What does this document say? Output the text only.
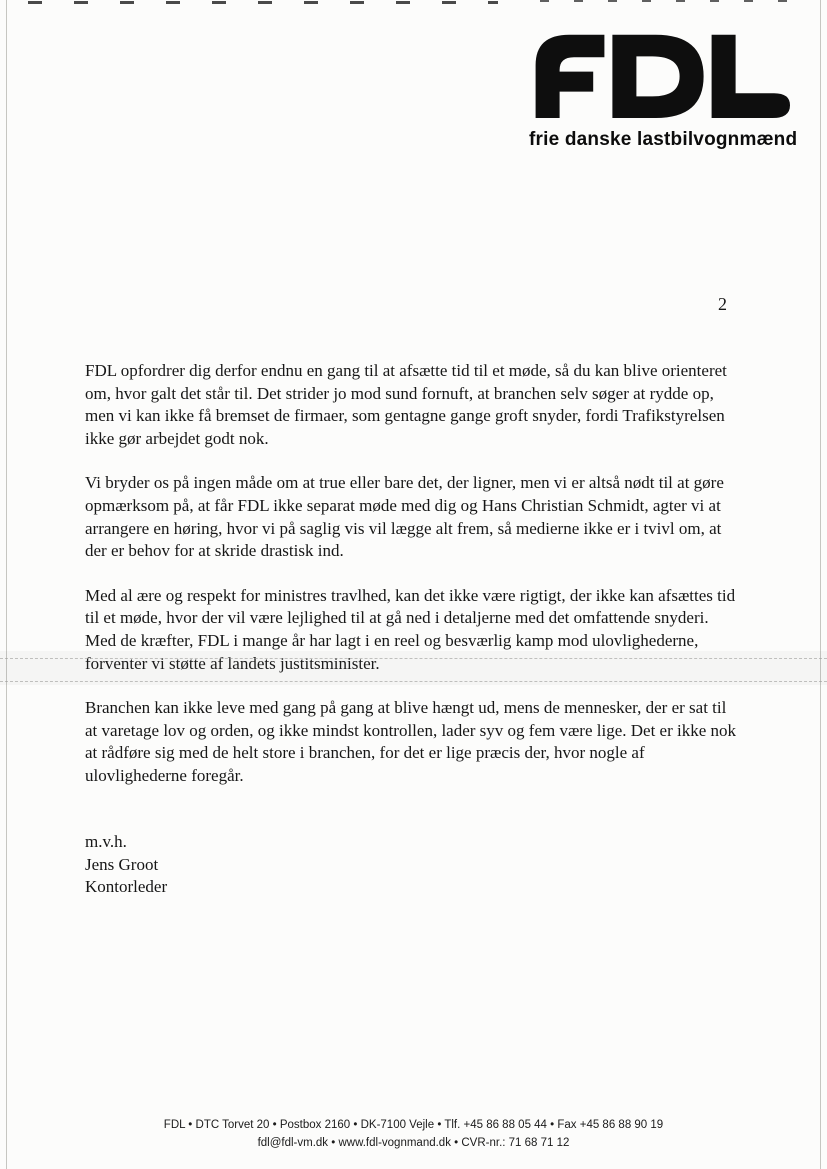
frie danske lastbilvognmænd
2

FDL opfordrer dig derfor endnu en gang til at afsætte tid til et møde, så du kan blive orienteret om, hvor galt det står til. Det strider jo mod sund fornuft, at branchen selv søger at rydde op, men vi kan ikke få bremset de firmaer, som gentagne gange groft snyder, fordi Trafikstyrelsen ikke gør arbejdet godt nok.

Vi bryder os på ingen måde om at true eller bare det, der ligner, men vi er altså nødt til at gøre opmærksom på, at får FDL ikke separat møde med dig og Hans Christian Schmidt, agter vi at arrangere en høring, hvor vi på saglig vis vil lægge alt frem, så medierne ikke er i tvivl om, at der er behov for at skride drastisk ind.

Med al ære og respekt for ministres travlhed, kan det ikke være rigtigt, der ikke kan afsættes tid til et møde, hvor der vil være lejlighed til at gå ned i detaljerne med det omfattende snyderi. Med de kræfter, FDL i mange år har lagt i en reel og besværlig kamp mod ulovlighederne, forventer vi støtte af landets justitsminister.

Branchen kan ikke leve med gang på gang at blive hængt ud, mens de mennesker, der er sat til at varetage lov og orden, og ikke mindst kontrollen, lader syv og fem være lige. Det er ikke nok at rådføre sig med de helt store i branchen, for det er lige præcis der, hvor nogle af ulovlighederne foregår.

m.v.h.
Jens Groot
Kontorleder
FDL • DTC Torvet 20 • Postbox 2160 • DK-7100 Vejle • Tlf. +45 86 88 05 44 • Fax +45 86 88 90 19
fdl@fdl-vm.dk • www.fdl-vognmand.dk • CVR-nr.: 71 68 71 12
